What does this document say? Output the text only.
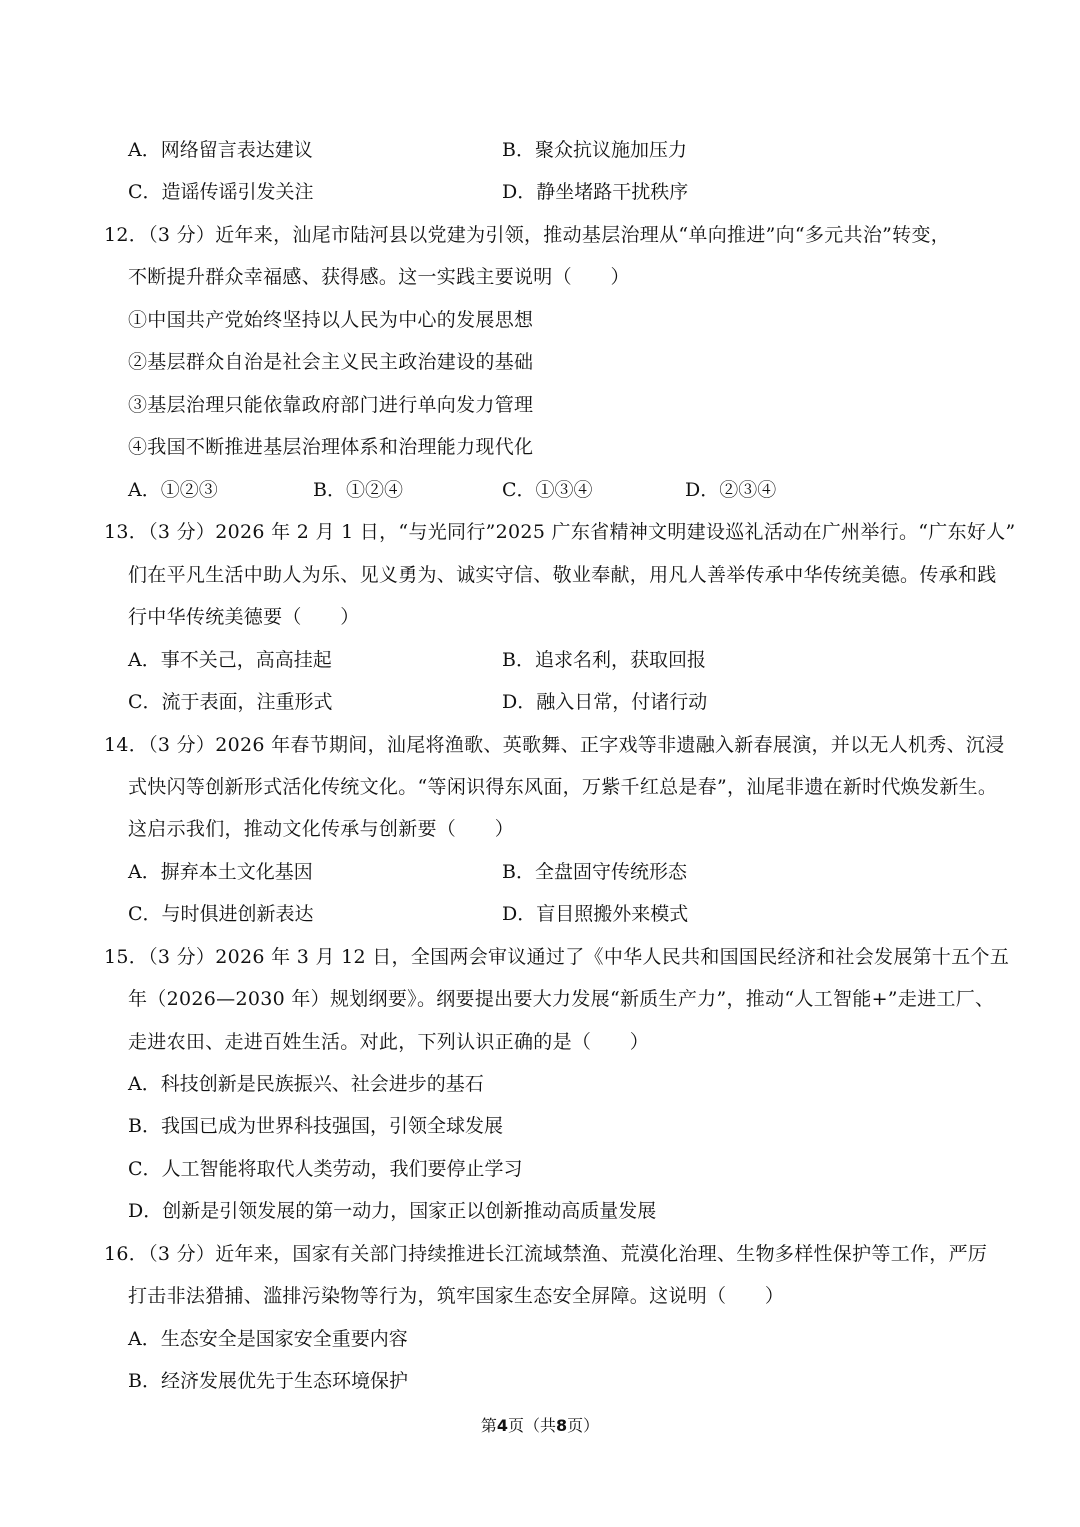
A．网络留言表达建议	B．聚众抗议施加压力
C．造谣传谣引发关注	D．静坐堵路干扰秩序
12．（3 分）近年来，汕尾市陆河县以党建为引领，推动基层治理从“单向推进”向“多元共治”转变，
不断提升群众幸福感、获得感。这一实践主要说明（　　）
①中国共产党始终坚持以人民为中心的发展思想
②基层群众自治是社会主义民主政治建设的基础
③基层治理只能依靠政府部门进行单向发力管理
④我国不断推进基层治理体系和治理能力现代化
A．①②③	B．①②④	C．①③④	D．②③④
13．（3 分）2026 年 2 月 1 日，“与光同行”2025 广东省精神文明建设巡礼活动在广州举行。“广东好人”
们在平凡生活中助人为乐、见义勇为、诚实守信、敬业奉献，用凡人善举传承中华传统美德。传承和践
行中华传统美德要（　　）
A．事不关己，高高挂起	B．追求名利，获取回报
C．流于表面，注重形式	D．融入日常，付诸行动
14．（3 分）2026 年春节期间，汕尾将渔歌、英歌舞、正字戏等非遗融入新春展演，并以无人机秀、沉浸
式快闪等创新形式活化传统文化。“等闲识得东风面，万紫千红总是春”，汕尾非遗在新时代焕发新生。
这启示我们，推动文化传承与创新要（　　）
A．摒弃本土文化基因	B．全盘固守传统形态
C．与时俱进创新表达	D．盲目照搬外来模式
15．（3 分）2026 年 3 月 12 日，全国两会审议通过了《中华人民共和国国民经济和社会发展第十五个五
年（2026—2030 年）规划纲要》。纲要提出要大力发展“新质生产力”，推动“人工智能+”走进工厂、
走进农田、走进百姓生活。对此，下列认识正确的是（　　）
A．科技创新是民族振兴、社会进步的基石
B．我国已成为世界科技强国，引领全球发展
C．人工智能将取代人类劳动，我们要停止学习
D．创新是引领发展的第一动力，国家正以创新推动高质量发展
16．（3 分）近年来，国家有关部门持续推进长江流域禁渔、荒漠化治理、生物多样性保护等工作，严厉
打击非法猎捕、滥排污染物等行为，筑牢国家生态安全屏障。这说明（　　）
A．生态安全是国家安全重要内容
B．经济发展优先于生态环境保护
第4页（共8页）
